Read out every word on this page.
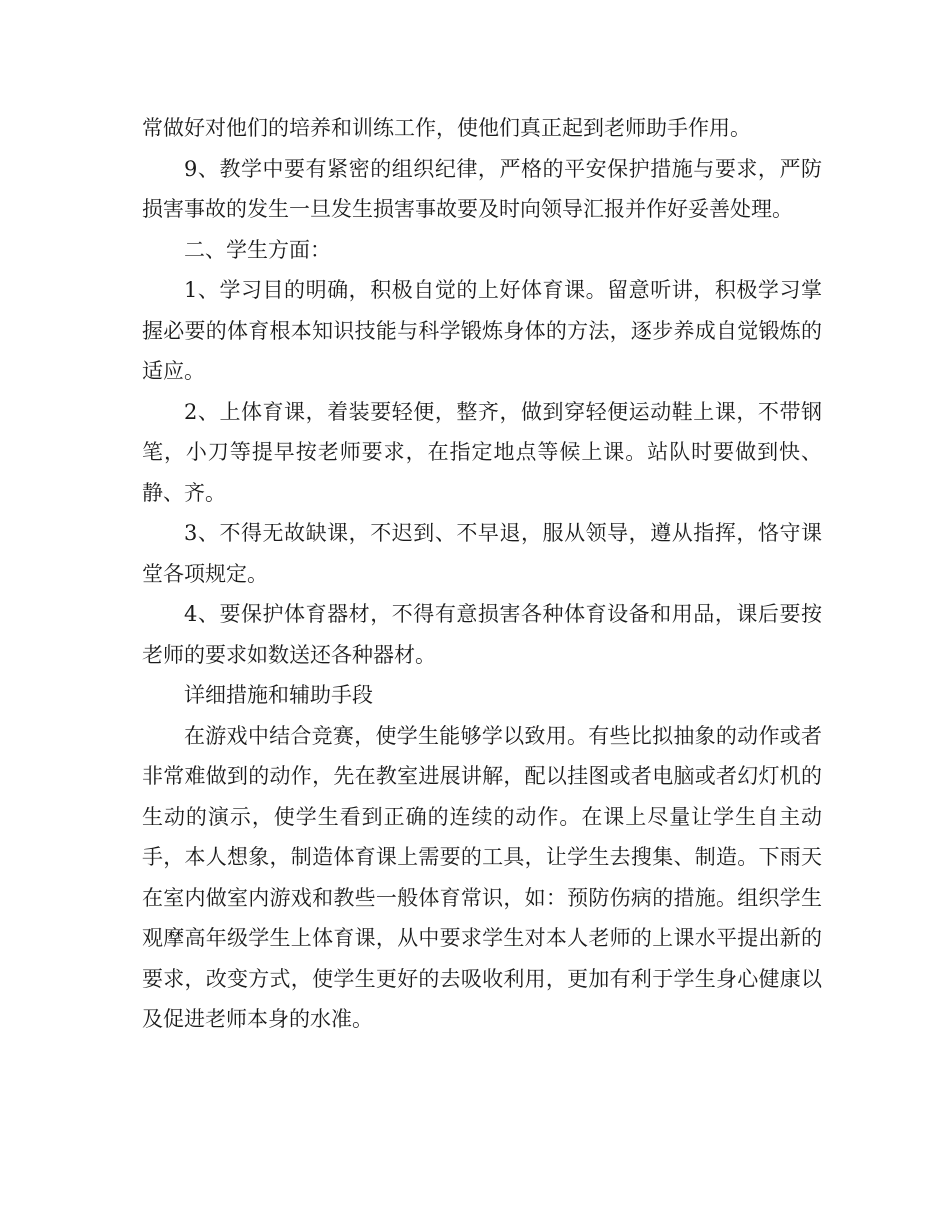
常做好对他们的培养和训练工作，使他们真正起到老师助手作用。

9、教学中要有紧密的组织纪律，严格的平安保护措施与要求，严防损害事故的发生一旦发生损害事故要及时向领导汇报并作好妥善处理。

二、学生方面：

1、学习目的明确，积极自觉的上好体育课。留意听讲，积极学习掌握必要的体育根本知识技能与科学锻炼身体的方法，逐步养成自觉锻炼的适应。

2、上体育课，着装要轻便，整齐，做到穿轻便运动鞋上课，不带钢笔，小刀等提早按老师要求，在指定地点等候上课。站队时要做到快、静、齐。

3、不得无故缺课，不迟到、不早退，服从领导，遵从指挥，恪守课堂各项规定。

4、要保护体育器材，不得有意损害各种体育设备和用品，课后要按老师的要求如数送还各种器材。

详细措施和辅助手段

在游戏中结合竞赛，使学生能够学以致用。有些比拟抽象的动作或者非常难做到的动作，先在教室进展讲解，配以挂图或者电脑或者幻灯机的生动的演示，使学生看到正确的连续的动作。在课上尽量让学生自主动手，本人想象，制造体育课上需要的工具，让学生去搜集、制造。下雨天在室内做室内游戏和教些一般体育常识，如：预防伤病的措施。组织学生观摩高年级学生上体育课，从中要求学生对本人老师的上课水平提出新的要求，改变方式，使学生更好的去吸收利用，更加有利于学生身心健康以及促进老师本身的水准。
